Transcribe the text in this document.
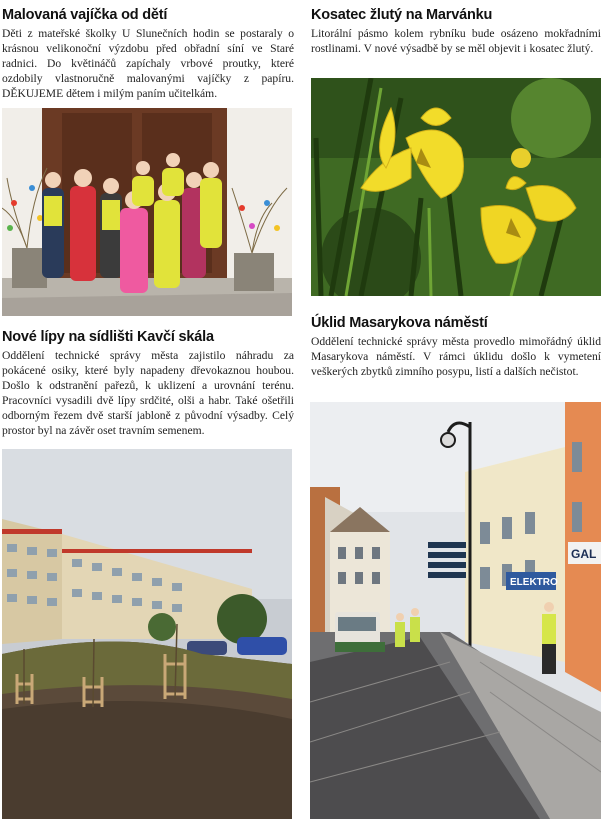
Malovaná vajíčka od dětí

Děti z mateřské školky U Slunečních hodin se postaraly o krásnou velikonoční výzdobu před obřadní síní ve Staré radnici. Do květináčů zapíchaly vrbové proutky, které ozdobily vlastnoručně malovanými vajíčky z papíru. DĚKUJEME dětem i milým paním učitelkám.

Kosatec žlutý na Marvánku

Litorální pásmo kolem rybníku bude osázeno mokřadními rostlinami. V nové výsadbě by se měl objevit i kosatec žlutý.

Nové lípy na sídlišti Kavčí skála

Oddělení technické správy města zajistilo náhradu za pokácené osiky, které byly napadeny dřevokaznou houbou. Došlo k odstranění pařezů, k uklizení a urovnání terénu. Pracovníci vysadili dvě lípy srdčité, olši a habr. Také ošetřili odborným řezem dvě starší jabloně z původní výsadby. Celý prostor byl na závěr oset travním semenem.

Úklid Masarykova náměstí

Oddělení technické správy města provedlo mimořádný úklid Masarykova náměstí. V rámci úklidu došlo k vymetení veškerých zbytků zimního posypu, listí a dalších nečistot.

ELEKTRO
GAL
